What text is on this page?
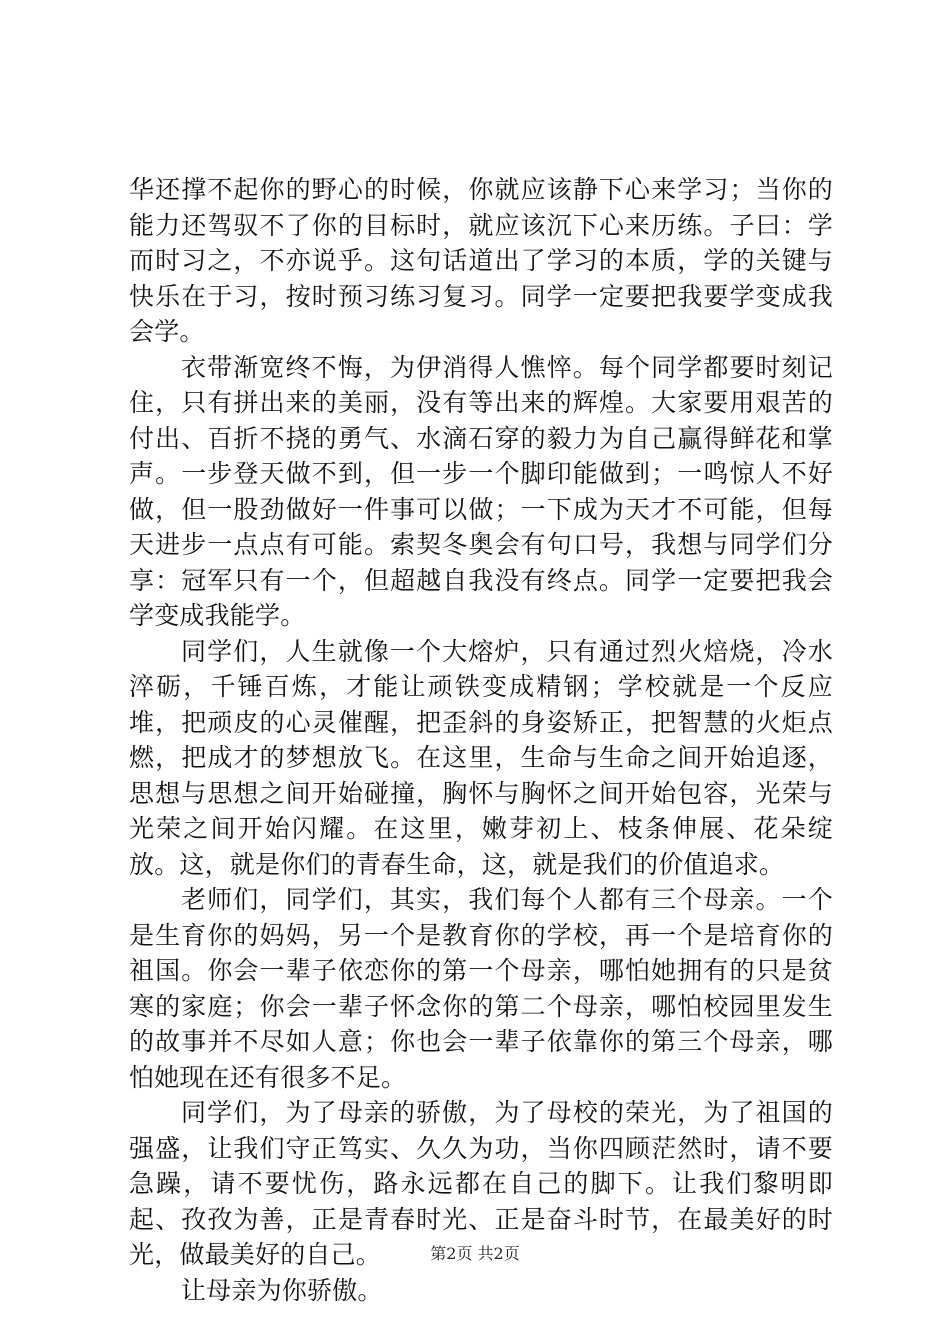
华还撑不起你的野心的时候，你就应该静下心来学习；当你的能力还驾驭不了你的目标时，就应该沉下心来历练。子曰：学而时习之，不亦说乎。这句话道出了学习的本质，学的关键与快乐在于习，按时预习练习复习。同学一定要把我要学变成我会学。

衣带渐宽终不悔，为伊消得人憔悴。每个同学都要时刻记住，只有拼出来的美丽，没有等出来的辉煌。大家要用艰苦的付出、百折不挠的勇气、水滴石穿的毅力为自己赢得鲜花和掌声。一步登天做不到，但一步一个脚印能做到；一鸣惊人不好做，但一股劲做好一件事可以做；一下成为天才不可能，但每天进步一点点有可能。索契冬奥会有句口号，我想与同学们分享：冠军只有一个，但超越自我没有终点。同学一定要把我会学变成我能学。

同学们，人生就像一个大熔炉，只有通过烈火焙烧，冷水淬砺，千锤百炼，才能让顽铁变成精钢；学校就是一个反应堆，把顽皮的心灵催醒，把歪斜的身姿矫正，把智慧的火炬点燃，把成才的梦想放飞。在这里，生命与生命之间开始追逐，思想与思想之间开始碰撞，胸怀与胸怀之间开始包容，光荣与光荣之间开始闪耀。在这里，嫩芽初上、枝条伸展、花朵绽放。这，就是你们的青春生命，这，就是我们的价值追求。

老师们，同学们，其实，我们每个人都有三个母亲。一个是生育你的妈妈，另一个是教育你的学校，再一个是培育你的祖国。你会一辈子依恋你的第一个母亲，哪怕她拥有的只是贫寒的家庭；你会一辈子怀念你的第二个母亲，哪怕校园里发生的故事并不尽如人意；你也会一辈子依靠你的第三个母亲，哪怕她现在还有很多不足。

同学们，为了母亲的骄傲，为了母校的荣光，为了祖国的强盛，让我们守正笃实、久久为功，当你四顾茫然时，请不要急躁，请不要忧伤，路永远都在自己的脚下。让我们黎明即起、孜孜为善，正是青春时光、正是奋斗时节，在最美好的时光，做最美好的自己。

让母亲为你骄傲。

第2页 共2页
